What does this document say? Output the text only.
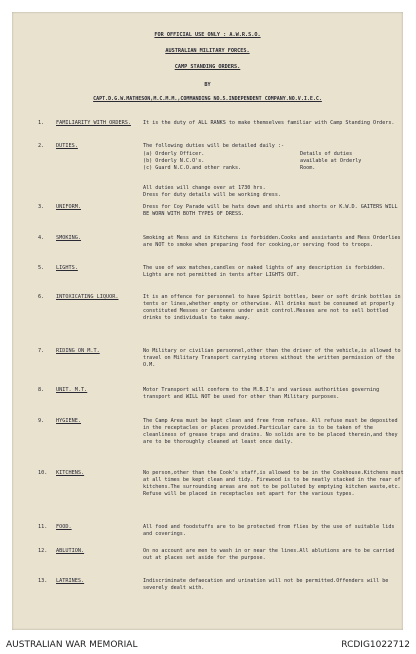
FOR OFFICIAL USE ONLY : A.W.R.S.O.
AUSTRALIAN MILITARY FORCES.
CAMP STANDING ORDERS.
BY
CAPT.D.G.W.MATHESON,M.C.M.M.,COMMANDING NO.5.INDEPENDENT COMPANY.NO.V.I.E.C.
1.	FAMILIARITY WITH ORDERS.	It is the duty of ALL RANKS to make themselves familiar with Camp Standing Orders.
2.	DUTIES.	The following duties will be detailed daily :-
(a) Orderly Officer.	Details of duties
(b) Orderly N.C.O's.	available at Orderly
(c) Guard N.C.O.and other ranks.	Room.
All duties will change over at 1730 hrs.
Dress for duty details will be working dress.
3.	UNIFORM.	Dress for Coy Parade will be hats down and shirts and shorts or K.W.D. GAITERS WILL BE WORN WITH BOTH TYPES OF DRESS.
4.	SMOKING.	Smoking at Mess and in Kitchens is forbidden.Cooks and assistants and Mess Orderlies are NOT to smoke when preparing food for cooking,or serving food to troops.
5.	LIGHTS.	The use of wax matches,candles or naked lights of any description is forbidden.
Lights are not permitted in tents after LIGHTS OUT.
6.	INTOXICATING LIQUOR.	It is an offence for personnel to have Spirit bottles, beer or soft drink bottles in tents or lines,whether empty or otherwise. All drinks must be consumed at properly constituted Messes or Canteens under unit control.Messes are not to sell bottled drinks to individuals to take away.
7.	RIDING ON M.T.	No Military or civilian personnel,other than the driver of the vehicle,is allowed to travel on Military Transport carrying stores without the written permission of the O.M.
8.	UNIT. M.T.	Motor Transport will conform to the M.B.I's and various authorities governing transport and WILL NOT be used for other than Military purposes.
9.	HYGIENE.	The Camp Area must be kept clean and free from refuse. All refuse must be deposited in the receptacles or places provided.Particular care is to be taken of the cleanliness of grease traps and drains. No solids are to be placed therein,and they are to be thoroughly cleaned at least once daily.
10.	KITCHENS.	No person,other than the Cook's staff,is allowed to be in the Cookhouse.Kitchens must at all times be kept clean and tidy. Firewood is to be neatly stacked in the rear of kitchens.The surrounding areas are not to be polluted by emptying kitchen waste,etc. Refuse will be placed in receptacles set apart for the various types.
11.	FOOD.	All food and foodstuffs are to be protected from flies by the use of suitable lids and coverings.
12.	ABLUTION.	On no account are men to wash in or near the lines.All ablutions are to be carried out at places set aside for the purpose.
13.	LATRINES.	Indiscriminate defaecation and urination will not be permitted.Offenders will be severely dealt with.
AUSTRALIAN WAR MEMORIAL	RCDIG1022712
